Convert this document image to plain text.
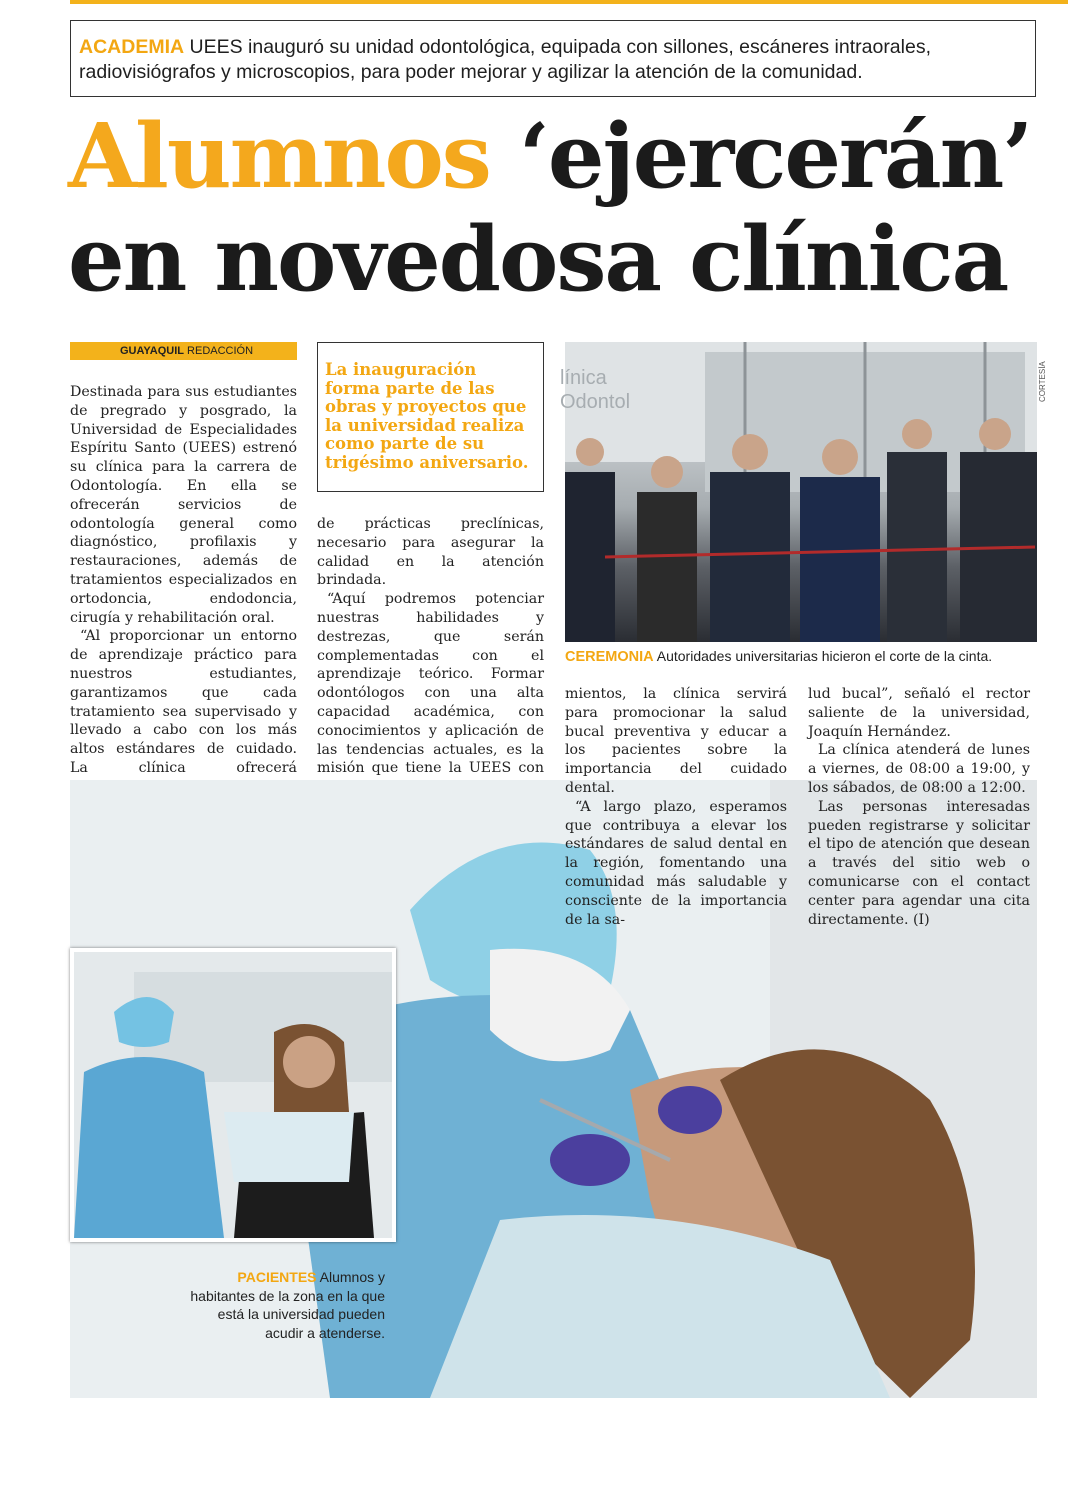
ACADEMIA UEES inauguró su unidad odontológica, equipada con sillones, escáneres intraorales, radiovisiógrafos y microscopios, para poder mejorar y agilizar la atención de la comunidad.
Alumnos ‘ejercerán’
en novedosa clínica
GUAYAQUIL REDACCIÓN

Destinada para sus estudiantes de pregrado y posgrado, la Universidad de Especialidades Espíritu Santo (UEES) estrenó su clínica para la carrera de Odontología. En ella se ofrecerán servicios de odontología general como diagnóstico, profilaxis y restauraciones, además de tratamientos especializados en ortodoncia, endodoncia, cirugía y rehabilitación oral.

“Al proporcionar un entorno de aprendizaje práctico para nuestros estudiantes, garantizamos que cada tratamiento sea supervisado y llevado a cabo con los más altos estándares de cuidado. La clínica ofrecerá

La inauguración forma parte de las obras y proyectos que la universidad realiza como parte de su trigésimo aniversario.

de prácticas preclínicas, necesario para asegurar la calidad en la atención brindada.

“Aquí podremos potenciar nuestras habilidades y destrezas, que serán complementadas con el aprendizaje teórico. Formar odontólogos con una alta capacidad académica, con conocimientos y aplicación de las tendencias actuales, es la misión que tiene la UEES con

línica
Odontol	CORTESÍA
CEREMONIA Autoridades universitarias hicieron el corte de la cinta.

mientos, la clínica servirá para promocionar la salud bucal preventiva y educar a los pacientes sobre la importancia del cuidado dental.

“A largo plazo, esperamos que contribuya a elevar los estándares de salud dental en la región, fomentando una comunidad más saludable y consciente de la importancia de la sa-

lud bucal”, señaló el rector saliente de la universidad, Joaquín Hernández.

La clínica atenderá de lunes a viernes, de 08:00 a 19:00, y los sábados, de 08:00 a 12:00.

Las personas interesadas pueden registrarse y solicitar el tipo de atención que desean a través del sitio web o comunicarse con el contact center para agendar una cita directamente. (I)

PACIENTES Alumnos y habitantes de la zona en la que está la universidad pueden acudir a atenderse.
